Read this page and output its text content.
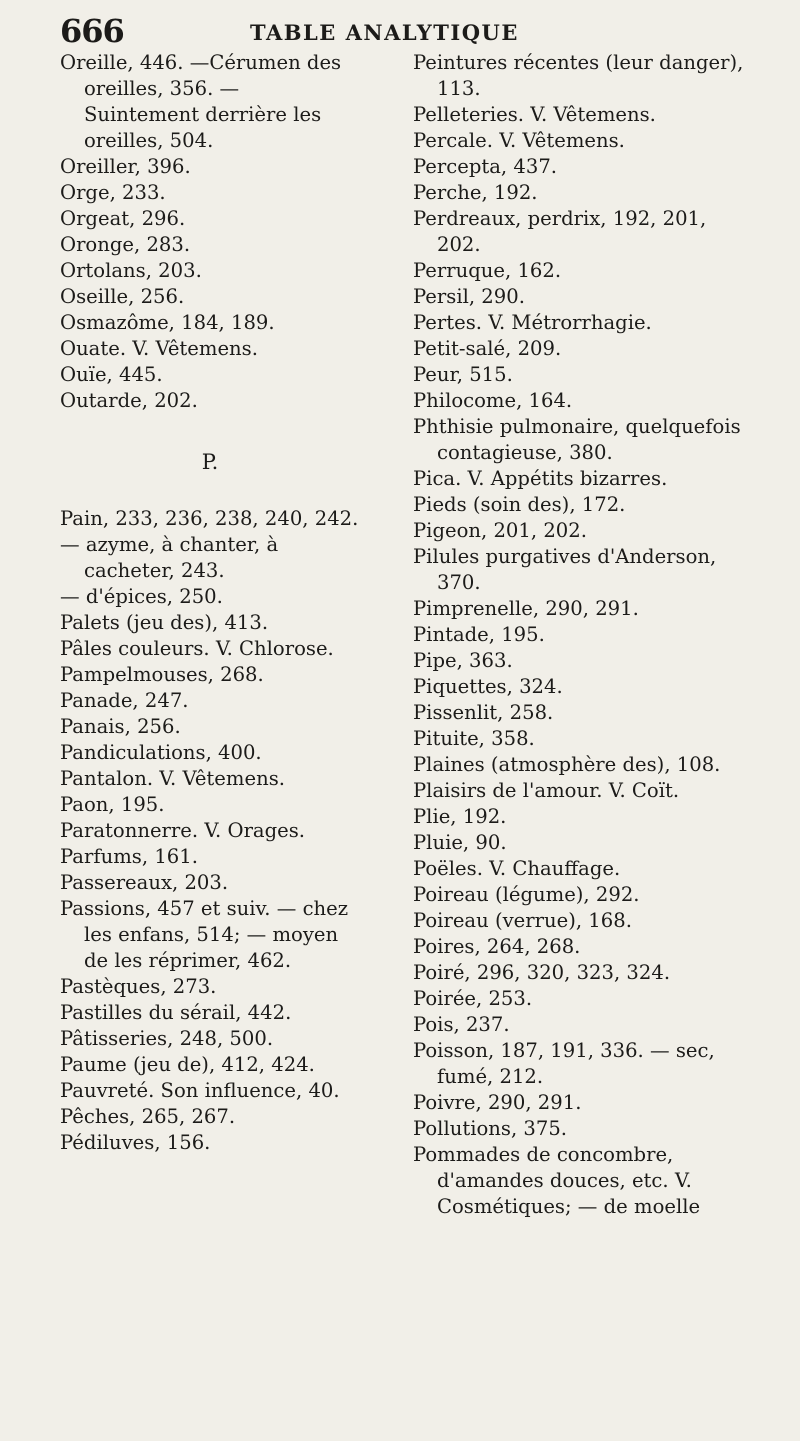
666	TABLE ANALYTIQUE
Oreille, 446. —Cérumen des oreilles, 356. — Suintement derrière les oreilles, 504.
Oreiller, 396.
Orge, 233.
Orgeat, 296.
Oronge, 283.
Ortolans, 203.
Oseille, 256.
Osmazôme, 184, 189.
Ouate. V. Vêtemens.
Ouïe, 445.
Outarde, 202.
P.
Pain, 233, 236, 238, 240, 242.
— azyme, à chanter, à cacheter, 243.
— d'épices, 250.
Palets (jeu des), 413.
Pâles couleurs. V. Chlorose.
Pampelmouses, 268.
Panade, 247.
Panais, 256.
Pandiculations, 400.
Pantalon. V. Vêtemens.
Paon, 195.
Paratonnerre. V. Orages.
Parfums, 161.
Passereaux, 203.
Passions, 457 et suiv. — chez les enfans, 514; — moyen de les réprimer, 462.
Pastèques, 273.
Pastilles du sérail, 442.
Pâtisseries, 248, 500.
Paume (jeu de), 412, 424.
Pauvreté. Son influence, 40.
Pêches, 265, 267.
Pédiluves, 156.
Peintures récentes (leur danger), 113.
Pelleteries. V. Vêtemens.
Percale. V. Vêtemens.
Percepta, 437.
Perche, 192.
Perdreaux, perdrix, 192, 201, 202.
Perruque, 162.
Persil, 290.
Pertes. V. Métrorrhagie.
Petit-salé, 209.
Peur, 515.
Philocome, 164.
Phthisie pulmonaire, quelquefois contagieuse, 380.
Pica. V. Appétits bizarres.
Pieds (soin des), 172.
Pigeon, 201, 202.
Pilules purgatives d'Anderson, 370.
Pimprenelle, 290, 291.
Pintade, 195.
Pipe, 363.
Piquettes, 324.
Pissenlit, 258.
Pituite, 358.
Plaines (atmosphère des), 108.
Plaisirs de l'amour. V. Coït.
Plie, 192.
Pluie, 90.
Poëles. V. Chauffage.
Poireau (légume), 292.
Poireau (verrue), 168.
Poires, 264, 268.
Poiré, 296, 320, 323, 324.
Poirée, 253.
Pois, 237.
Poisson, 187, 191, 336. — sec, fumé, 212.
Poivre, 290, 291.
Pollutions, 375.
Pommades de concombre, d'amandes douces, etc. V. Cosmétiques; — de moelle
